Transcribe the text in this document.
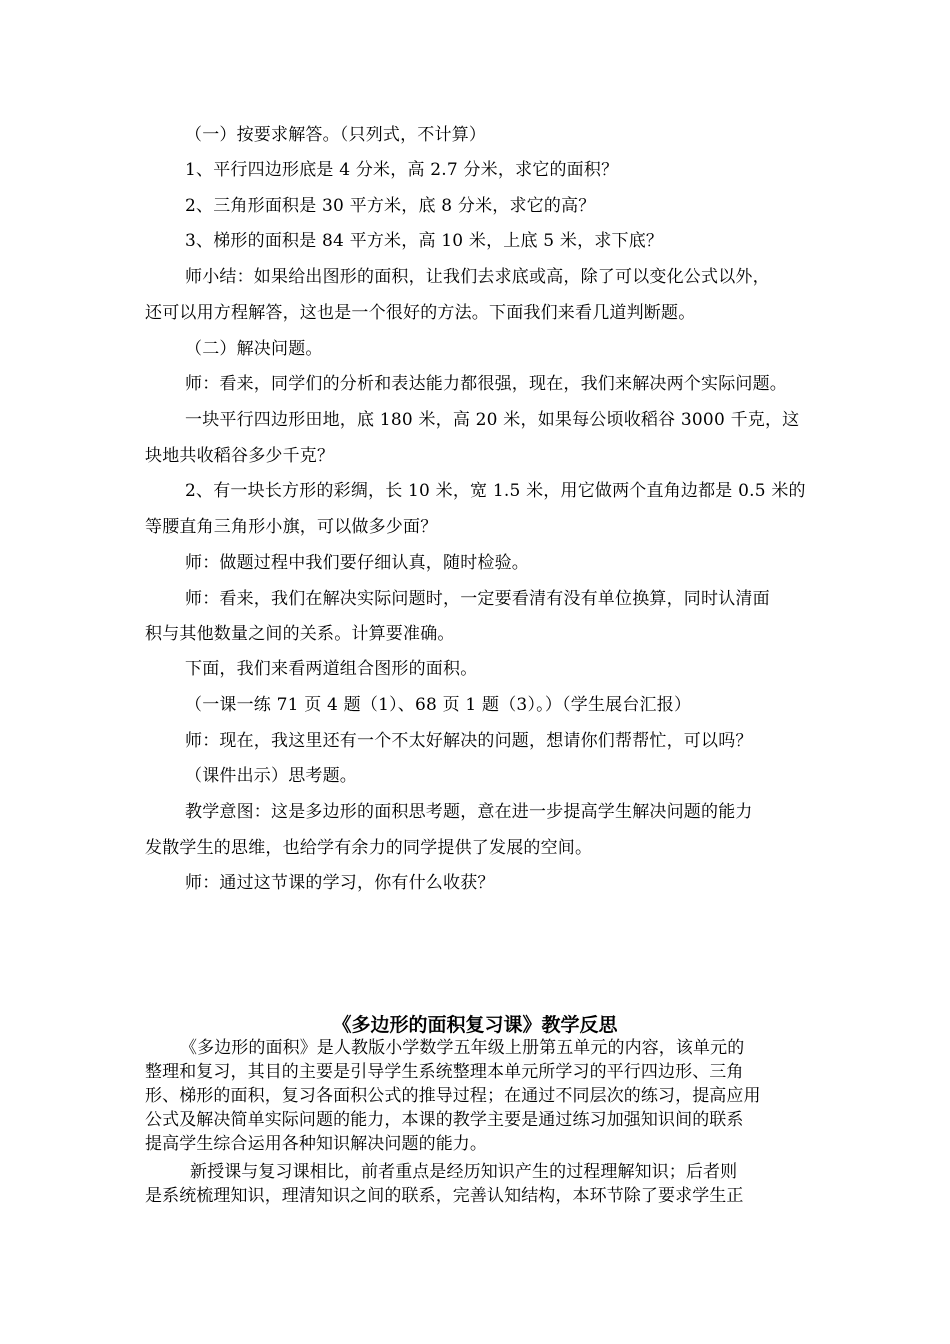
（一）按要求解答。（只列式，不计算）
1、平行四边形底是 4 分米，高 2.7 分米，求它的面积？
2、三角形面积是 30 平方米，底 8 分米，求它的高？
3、梯形的面积是 84 平方米，高 10 米，上底 5 米，求下底？
师小结：如果给出图形的面积，让我们去求底或高，除了可以变化公式以外，
还可以用方程解答，这也是一个很好的方法。下面我们来看几道判断题。
（二）解决问题。
师：看来，同学们的分析和表达能力都很强，现在，我们来解决两个实际问题。
一块平行四边形田地，底 180 米，高 20 米，如果每公顷收稻谷 3000 千克，这
块地共收稻谷多少千克？
2、有一块长方形的彩绸，长 10 米，宽 1.5 米，用它做两个直角边都是 0.5 米的
等腰直角三角形小旗，可以做多少面？
师：做题过程中我们要仔细认真，随时检验。
师：看来，我们在解决实际问题时，一定要看清有没有单位换算，同时认清面
积与其他数量之间的关系。计算要准确。
下面，我们来看两道组合图形的面积。
（一课一练 71 页 4 题（1）、68 页 1 题（3）。）（学生展台汇报）
师：现在，我这里还有一个不太好解决的问题，想请你们帮帮忙，可以吗？
（课件出示）思考题。
教学意图：这是多边形的面积思考题，意在进一步提高学生解决问题的能力
发散学生的思维，也给学有余力的同学提供了发展的空间。
师：通过这节课的学习，你有什么收获？
《多边形的面积复习课》教学反思
《多边形的面积》是人教版小学数学五年级上册第五单元的内容，该单元的
整理和复习，其目的主要是引导学生系统整理本单元所学习的平行四边形、三角
形、梯形的面积，复习各面积公式的推导过程；在通过不同层次的练习，提高应用
公式及解决简单实际问题的能力，本课的教学主要是通过练习加强知识间的联系
提高学生综合运用各种知识解决问题的能力。
新授课与复习课相比，前者重点是经历知识产生的过程理解知识；后者则
是系统梳理知识，理清知识之间的联系，完善认知结构，本环节除了要求学生正
